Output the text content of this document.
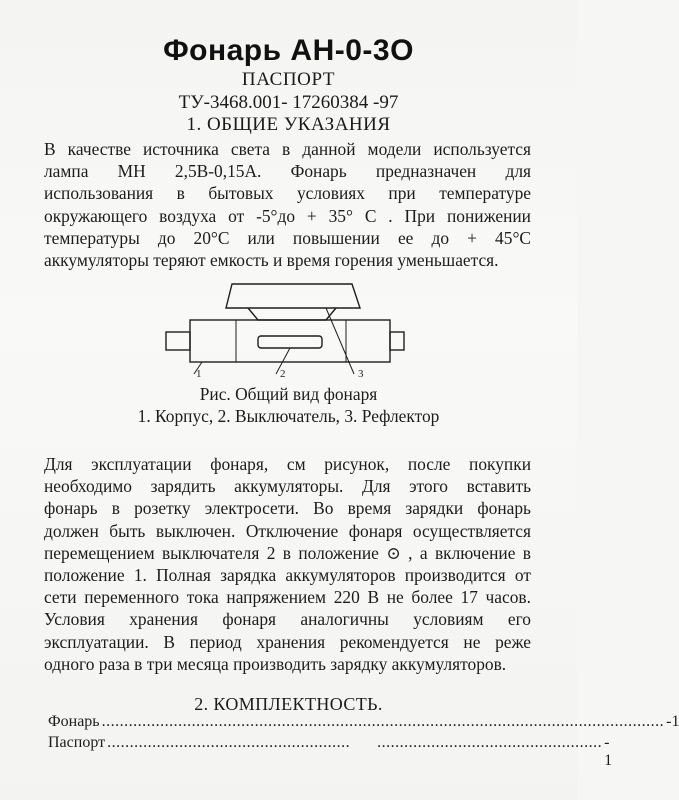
Фонарь АН-0-3О
ПАСПОРТ
ТУ-3468.001- 17260384 -97
1. ОБЩИЕ УКАЗАНИЯ
В качестве источника света в данной модели используется
лампа МН 2,5В-0,15А. Фонарь предназначен для
использования в бытовых условиях при температуре
окружающего воздуха от -5°до + 35° С . При понижении
температуры до 20°С или повышении ее до + 45°С
аккумуляторы теряют емкость и время горения уменьшается.
1	2	3
Рис. Общий вид фонаря
1. Корпус, 2. Выключатель, 3. Рефлектор
Для эксплуатации фонаря, см рисунок, после покупки
необходимо зарядить аккумуляторы. Для этого вставить
фонарь в розетку электросети. Во время зарядки фонарь
должен быть выключен. Отключение фонаря осуществляется
перемещением выключателя 2 в положение ⊙ , а включение в
положение 1. Полная зарядка аккумуляторов производится от
сети переменного тока напряжением 220 В не более 17 часов.
Условия хранения фонаря аналогичны условиям его
эксплуатации. В период хранения рекомендуется не реже
одного раза в три месяца производить зарядку аккумуляторов.
2. КОМПЛЕКТНОСТЬ.
Фонарь ............................................................................................................................. -1
Паспорт ......................................................      .................................................. - 1
